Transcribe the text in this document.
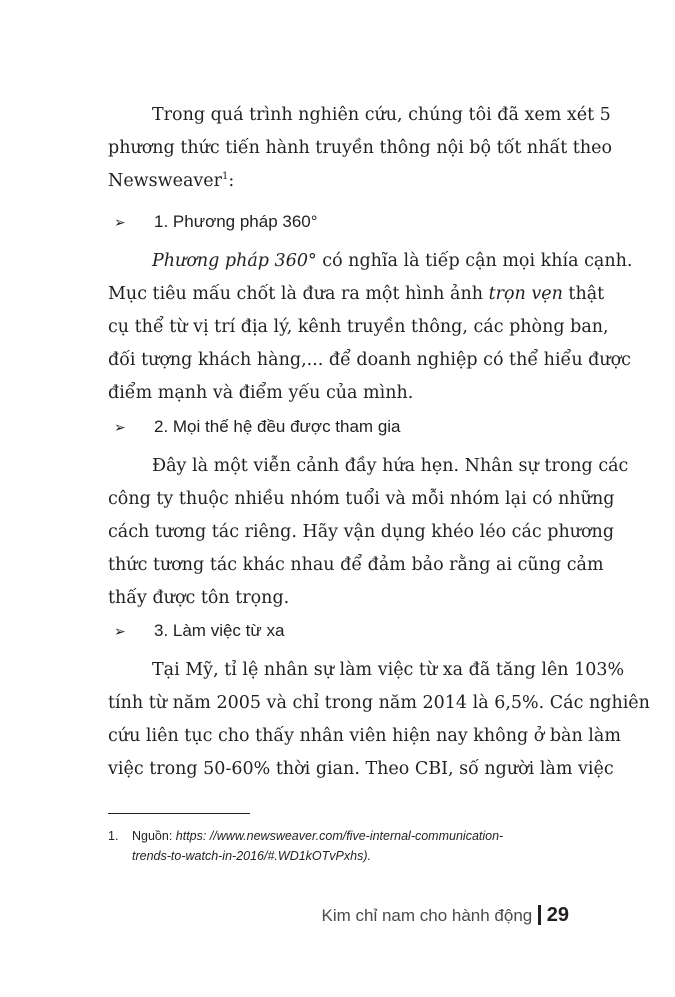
Trong quá trình nghiên cứu, chúng tôi đã xem xét 5
phương thức tiến hành truyền thông nội bộ tốt nhất theo
Newsweaver$^1$:
➢ 1. Phương pháp 360°
Phương pháp 360° có nghĩa là tiếp cận mọi khía cạnh.
Mục tiêu mấu chốt là đưa ra một hình ảnh trọn vẹn thật
cụ thể từ vị trí địa lý, kênh truyền thông, các phòng ban,
đối tượng khách hàng,... để doanh nghiệp có thể hiểu được
điểm mạnh và điểm yếu của mình.
➢ 2. Mọi thế hệ đều được tham gia
Đây là một viễn cảnh đầy hứa hẹn. Nhân sự trong các
công ty thuộc nhiều nhóm tuổi và mỗi nhóm lại có những
cách tương tác riêng. Hãy vận dụng khéo léo các phương
thức tương tác khác nhau để đảm bảo rằng ai cũng cảm
thấy được tôn trọng.
➢ 3. Làm việc từ xa
Tại Mỹ, tỉ lệ nhân sự làm việc từ xa đã tăng lên 103%
tính từ năm 2005 và chỉ trong năm 2014 là 6,5%. Các nghiên
cứu liên tục cho thấy nhân viên hiện nay không ở bàn làm
việc trong 50-60% thời gian. Theo CBI, số người làm việc
1. Nguồn: https: //www.newsweaver.com/five-internal-communication-
trends-to-watch-in-2016/#.WD1kOTvPxhs).
Kim chỉ nam cho hành động 29
